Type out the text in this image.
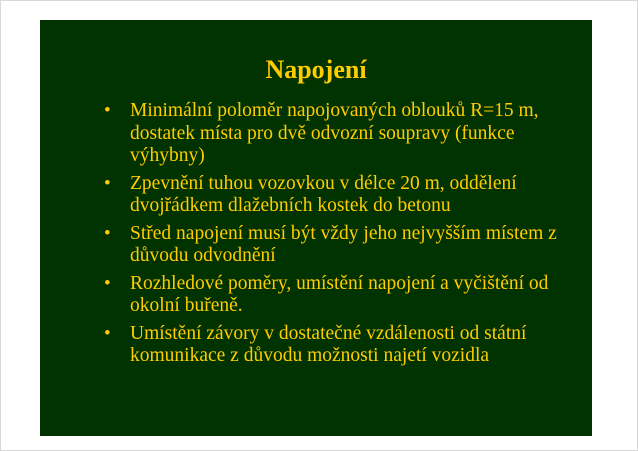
Napojení
• Minimální poloměr napojovaných oblouků R=15 m, dostatek místa pro dvě odvozní soupravy (funkce výhybny)
• Zpevnění tuhou vozovkou v délce 20 m, oddělení dvojřádkem dlažebních kostek do betonu
• Střed napojení musí být vždy jeho nejvyšším místem z důvodu odvodnění
• Rozhledové poměry, umístění napojení a vyčištění od okolní buřeně.
• Umístění závory v dostatečné vzdálenosti od státní komunikace z důvodu možnosti najetí vozidla
